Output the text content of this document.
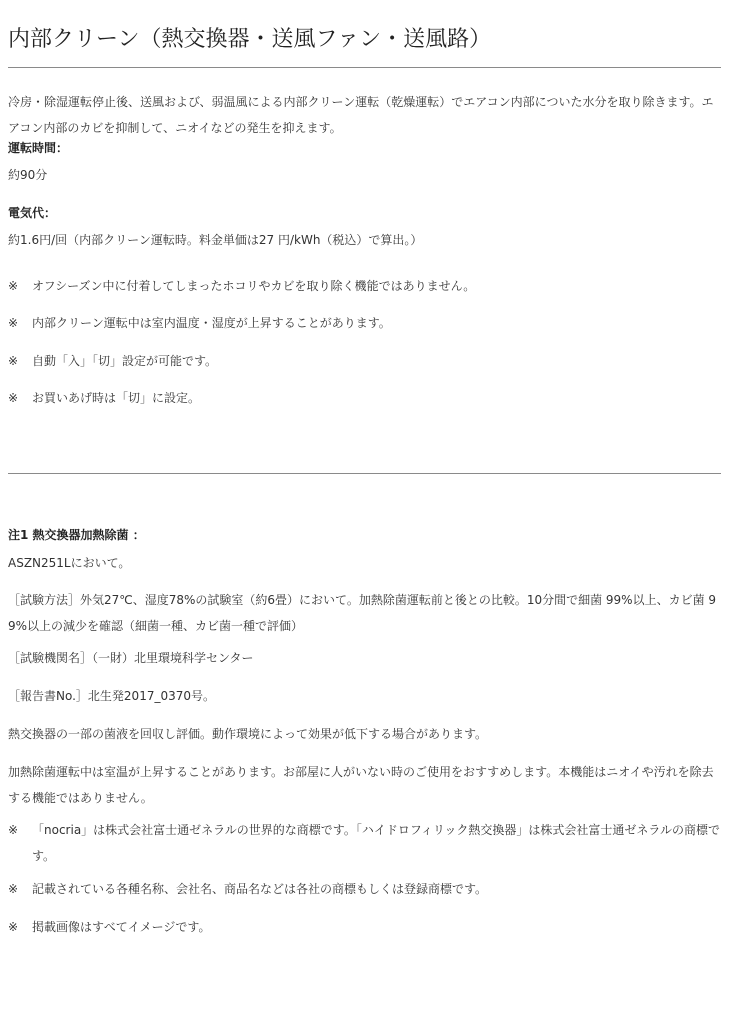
内部クリーン（熱交換器・送風ファン・送風路）
冷房・除湿運転停止後、送風および、弱温風による内部クリーン運転（乾燥運転）でエアコン内部についた水分を取り除きます。エアコン内部のカビを抑制して、ニオイなどの発生を抑えます。
運転時間：
約90分
電気代：
約1.6円/回（内部クリーン運転時。料金単価は27 円/kWh（税込）で算出。）
※ オフシーズン中に付着してしまったホコリやカビを取り除く機能ではありません。
※ 内部クリーン運転中は室内温度・湿度が上昇することがあります。
※ 自動「入」「切」設定が可能です。
※ お買いあげ時は「切」に設定。
注1 熱交換器加熱除菌 ：
ASZN251Lにおいて。
［試験方法］外気27℃、湿度78%の試験室（約6畳）において。加熱除菌運転前と後との比較。10分間で細菌 99%以上、カビ菌 99%以上の減少を確認（細菌一種、カビ菌一種で評価）
［試験機関名］（一財）北里環境科学センター
［報告書No.］北生発2017_0370号。
熱交換器の一部の菌液を回収し評価。動作環境によって効果が低下する場合があります。
加熱除菌運転中は室温が上昇することがあります。お部屋に人がいない時のご使用をおすすめします。本機能はニオイや汚れを除去する機能ではありません。
※ 「nocria」は株式会社富士通ゼネラルの世界的な商標です。「ハイドロフィリック熱交換器」は株式会社富士通ゼネラルの商標です。
※ 記載されている各種名称、会社名、商品名などは各社の商標もしくは登録商標です。
※ 掲載画像はすべてイメージです。
